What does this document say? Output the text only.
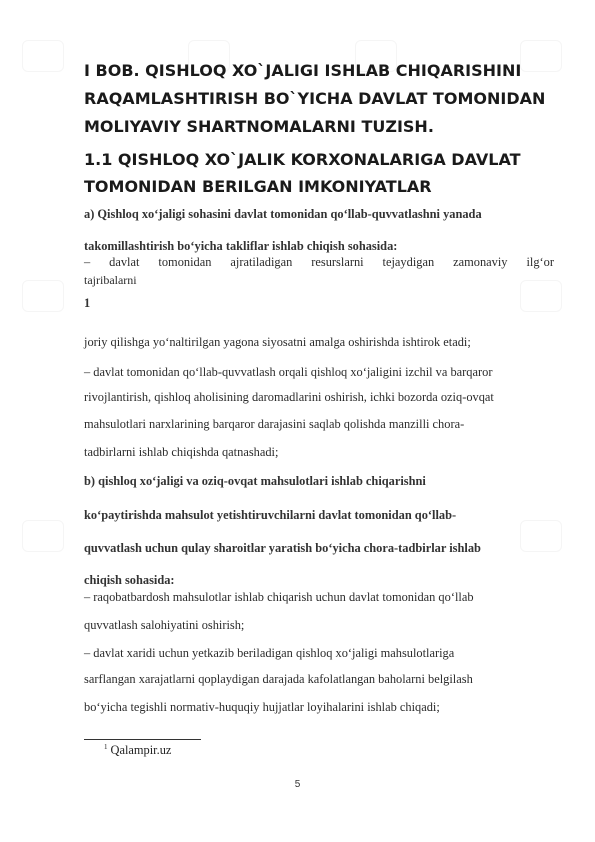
I BOB. QISHLOQ XO`JALIGI ISHLAB CHIQARISHINI
RAQAMLASHTIRISH BO`YICHA DAVLAT TOMONIDAN
MOLIYAVIY SHARTNOMALARNI TUZISH.
1.1 QISHLOQ XO`JALIK KORXONALARIGA DAVLAT
TOMONIDAN BERILGAN IMKONIYATLAR
a) Qishloq xo‘jaligi sohasini davlat tomonidan qo‘llab-quvvatlashni yanada
takomillashtirish bo‘yicha takliflar ishlab chiqish sohasida:
– davlat tomonidan ajratiladigan resurslarni tejaydigan zamonaviy ilg‘or
tajribalarni
1
joriy qilishga yo‘naltirilgan yagona siyosatni amalga oshirishda ishtirok etadi;
– davlat tomonidan qo‘llab-quvvatlash orqali qishloq xo‘jaligini izchil va barqaror
rivojlantirish, qishloq aholisining daromadlarini oshirish, ichki bozorda oziq-ovqat
mahsulotlari narxlarining barqaror darajasini saqlab qolishda manzilli chora-
tadbirlarni ishlab chiqishda qatnashadi;
b) qishloq xo‘jaligi va oziq-ovqat mahsulotlari ishlab chiqarishni
ko‘paytirishda mahsulot yetishtiruvchilarni davlat tomonidan qo‘llab-
quvvatlash uchun qulay sharoitlar yaratish bo‘yicha chora-tadbirlar ishlab
chiqish sohasida:
– raqobatbardosh mahsulotlar ishlab chiqarish uchun davlat tomonidan qo‘llab
quvvatlash salohiyatini oshirish;
– davlat xaridi uchun yetkazib beriladigan qishloq xo‘jaligi mahsulotlariga
sarflangan xarajatlarni qoplaydigan darajada kafolatlangan baholarni belgilash
bo‘yicha tegishli normativ-huquqiy hujjatlar loyihalarini ishlab chiqadi;
$^1$ Qalampir.uz
5
